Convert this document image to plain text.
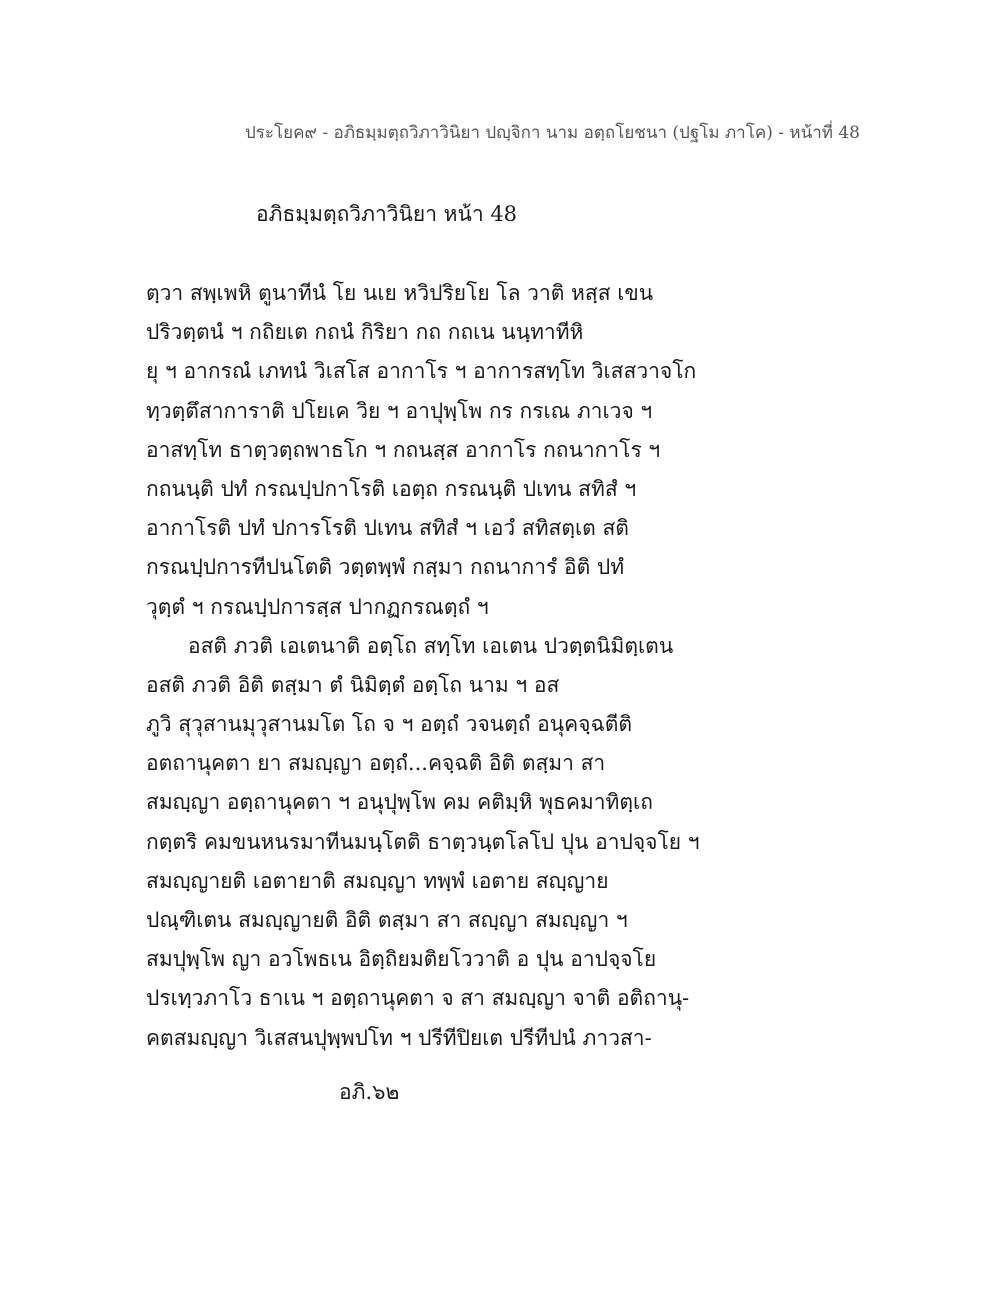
ประโยค๙ - อภิธมฺมตฺถวิภาวินิยา ปญฺจิกา นาม อตฺถโยชนา (ปฐโม ภาโค) - หน้าที่ 48
อภิธมฺมตฺถวิภาวินิยา หน้า 48
ตฺวา สพฺเพหิ ตูนาทีนํ โย นเย หวิปริยโย โล วาติ หสฺส เขน
ปริวตฺตนํ ฯ กถิยเต กถนํ กิริยา กถ กถเน นนฺทาทีหิ
ยุ ฯ อากรณํ เภทนํ วิเสโส อากาโร ฯ อาการสทฺโท วิเสสวาจโก
ทฺวตฺตึสาการาติ ปโยเค วิย ฯ อาปุพฺโพ กร กรเณ ภาเวจ ฯ
อาสทฺโท ธาตฺวตฺถพาธโก ฯ กถนสฺส อากาโร กถนากาโร ฯ
กถนนฺติ ปทํ กรณปฺปกาโรติ เอตฺถ กรณนฺติ ปเทน สทิสํ ฯ
อากาโรติ ปทํ ปการโรติ ปเทน สทิสํ ฯ เอวํ สทิสตฺเต สติ
กรณปฺปการทีปนโตติ วตฺตพฺพํ กสฺมา กถนาการํ อิติ ปทํ
วุตฺตํ ฯ กรณปฺปการสฺส ปากฏกรณตฺถํ ฯ
อสติ ภวติ เอเตนาติ อตฺโถ สทฺโท เอเตน ปวตฺตนิมิตฺเตน
อสติ ภวติ อิติ ตสฺมา ตํ นิมิตฺตํ อตฺโถ นาม ฯ อส
ภูวิ สุวุสานมุวุสานมโต โถ จ ฯ อตฺถํ วจนตฺถํ อนุคจฺฉตีติ
อตถานุคตา ยา สมญฺญา อตฺถํ...คจฺฉติ อิติ ตสฺมา สา
สมญฺญา อตฺถานุคตา ฯ อนุปุพฺโพ คม คติมฺหิ พุธคมาทิตฺเถ
กตฺตริ คมขนหนรมาทีนมนฺโตติ ธาตฺวนฺตโลโป ปุน อาปจฺจโย ฯ
สมญฺญายติ เอตายาติ สมญฺญา ทพฺพํ เอตาย สญฺญาย
ปณฺฑิเตน สมญฺญายติ อิติ ตสฺมา สา สญฺญา สมญฺญา ฯ
สมปุพฺโพ ญา อวโพธเน อิตฺถิยมติยโววาติ อ ปุน อาปจฺจโย
ปรเทฺวภาโว ธาเน ฯ อตฺถานุคตา จ สา สมญฺญา จาติ อติถานุ-
คตสมญฺญา วิเสสนปุพฺพปโท ฯ ปรีทีปิยเต ปรีทีปนํ ภาวสา-
อภิ.๖๒
